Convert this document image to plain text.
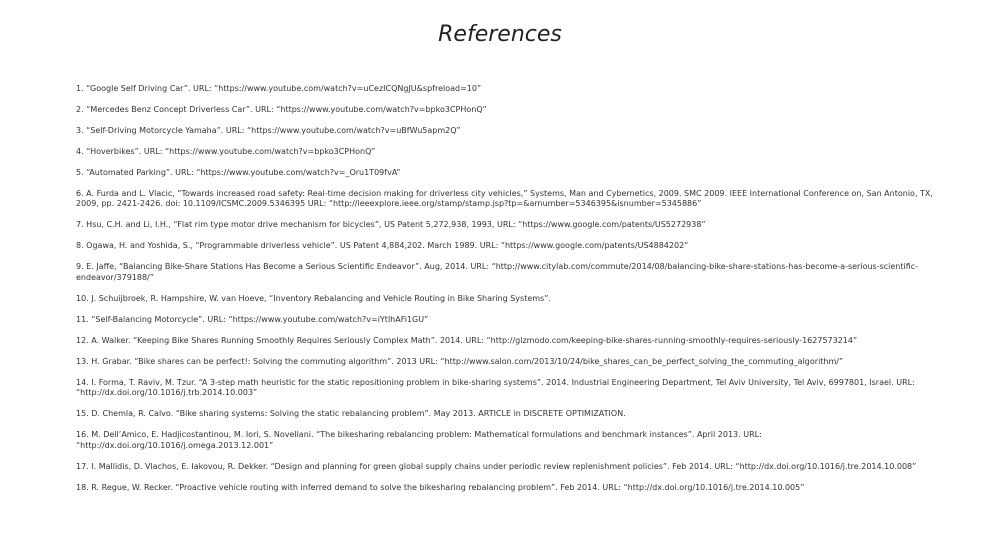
References
1. “Google Self Driving Car”. URL: “https://www.youtube.com/watch?v=uCezICQNgJU&spfreload=10”
2. “Mercedes Benz Concept Driverless Car”. URL: “https://www.youtube.com/watch?v=bpko3CPHonQ”
3. “Self-Driving Motorcycle Yamaha”. URL: “https://www.youtube.com/watch?v=uBfWu5apm2Q”
4. “Hoverbikes”. URL: “https://www.youtube.com/watch?v=bpko3CPHonQ”
5. “Automated Parking”. URL: “https://www.youtube.com/watch?v=_Oru1T09fvA”
6. A. Furda and L. Vlacic, “Towards increased road safety: Real-time decision making for driverless city vehicles,” Systems, Man and Cybernetics, 2009. SMC 2009. IEEE International Conference on, San Antonio, TX, 2009, pp. 2421-2426. doi: 10.1109/ICSMC.2009.5346395 URL: “http://ieeexplore.ieee.org/stamp/stamp.jsp?tp=&arnumber=5346395&isnumber=5345886”
7. Hsu, C.H. and Li, I.H., “Flat rim type motor drive mechanism for bicycles”, US Patent 5,272,938, 1993, URL: “https://www.google.com/patents/US5272938”
8. Ogawa, H. and Yoshida, S., “Programmable driverless vehicle”. US Patent 4,884,202. March 1989. URL: “https://www.google.com/patents/US4884202”
9. E. Jaffe, “Balancing Bike-Share Stations Has Become a Serious Scientific Endeavor”. Aug, 2014. URL: “http://www.citylab.com/commute/2014/08/balancing-bike-share-stations-has-become-a-serious-scientific-endeavor/379188/”
10. J. Schuijbroek, R. Hampshire, W. van Hoeve, “Inventory Rebalancing and Vehicle Routing in Bike Sharing Systems”.
11. “Self-Balancing Motorcycle”. URL: “https://www.youtube.com/watch?v=iYtlhAFi1GU”
12. A. Walker. “Keeping Bike Shares Running Smoothly Requires Seriously Complex Math”. 2014. URL: “http://gizmodo.com/keeping-bike-shares-running-smoothly-requires-seriously-1627573214”
13. H. Grabar. “Bike shares can be perfect!: Solving the commuting algorithm”. 2013 URL: “http://www.salon.com/2013/10/24/bike_shares_can_be_perfect_solving_the_commuting_algorithm/”
14. I. Forma, T. Raviv, M. Tzur. “A 3-step math heuristic for the static repositioning problem in bike-sharing systems”. 2014. Industrial Engineering Department, Tel Aviv University, Tel Aviv, 6997801, Israel. URL: “http://dx.doi.org/10.1016/j.trb.2014.10.003”
15. D. Chemla, R. Calvo. “Bike sharing systems: Solving the static rebalancing problem”. May 2013. ARTICLE in DISCRETE OPTIMIZATION.
16. M. Dell’Amico, E. Hadjicostantinou, M. Iori, S. Novellani. “The bikesharing rebalancing problem: Mathematical formulations and benchmark instances”. April 2013. URL: “http://dx.doi.org/10.1016/j.omega.2013.12.001”
17. I. Mallidis, D. Vlachos, E. Iakovou, R. Dekker. “Design and planning for green global supply chains under periodic review replenishment policies”. Feb 2014. URL: “http://dx.doi.org/10.1016/j.tre.2014.10.008”
18. R. Regue, W. Recker. “Proactive vehicle routing with inferred demand to solve the bikesharing rebalancing problem”. Feb 2014. URL: “http://dx.doi.org/10.1016/j.tre.2014.10.005”
